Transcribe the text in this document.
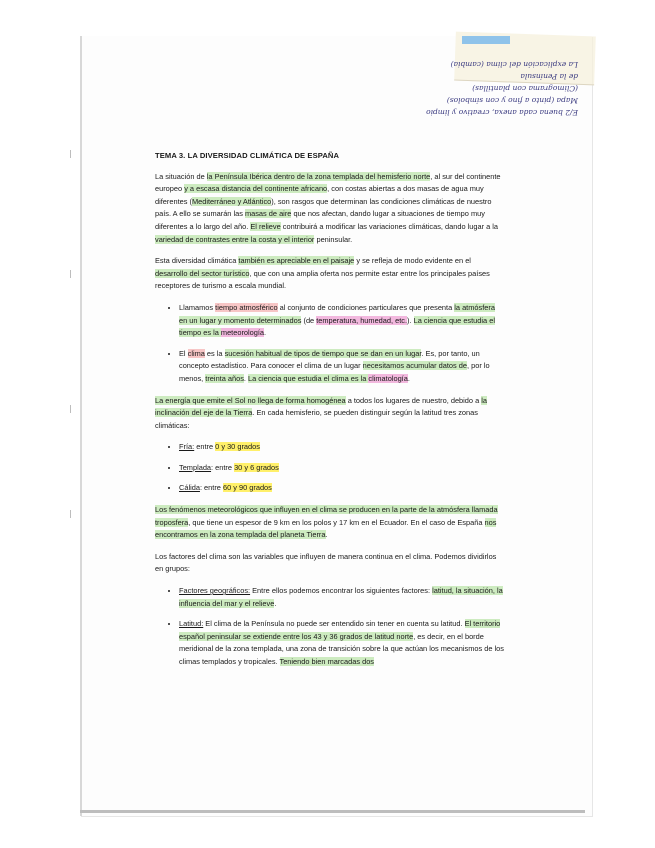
E/2 buena cada anexa, creativo y limpio
Mapa (pinto a fino y con símbolos)
(Climograma con plantillas)
de la Península
La explicación del clima (cambia)
TEMA 3. LA DIVERSIDAD CLIMÁTICA DE ESPAÑA

La situación de la Península Ibérica dentro de la zona templada del hemisferio norte, al sur del continente europeo y a escasa distancia del continente africano, con costas abiertas a dos masas de agua muy diferentes (Mediterráneo y Atlántico), son rasgos que determinan las condiciones climáticas de nuestro país. A ello se sumarán las masas de aire que nos afectan, dando lugar a situaciones de tiempo muy diferentes a lo largo del año. El relieve contribuirá a modificar las variaciones climáticas, dando lugar a la variedad de contrastes entre la costa y el interior peninsular.

Esta diversidad climática también es apreciable en el paisaje y se refleja de modo evidente en el desarrollo del sector turístico, que con una amplia oferta nos permite estar entre los principales países receptores de turismo a escala mundial.

• Llamamos tiempo atmosférico al conjunto de condiciones particulares que presenta la atmósfera en un lugar y momento determinados (de temperatura, humedad, etc.). La ciencia que estudia el tiempo es la meteorología.
• El clima es la sucesión habitual de tipos de tiempo que se dan en un lugar. Es, por tanto, un concepto estadístico. Para conocer el clima de un lugar necesitamos acumular datos de, por lo menos, treinta años. La ciencia que estudia el clima es la climatología.

La energía que emite el Sol no llega de forma homogénea a todos los lugares de nuestro, debido a la inclinación del eje de la Tierra. En cada hemisferio, se pueden distinguir según la latitud tres zonas climáticas:

• Fría: entre 0 y 30 grados
• Templada: entre 30 y 6 grados
• Cálida: entre 60 y 90 grados

Los fenómenos meteorológicos que influyen en el clima se producen en la parte de la atmósfera llamada troposfera, que tiene un espesor de 9 km en los polos y 17 km en el Ecuador. En el caso de España nos encontramos en la zona templada del planeta Tierra.

Los factores del clima son las variables que influyen de manera continua en el clima. Podemos dividirlos en grupos:

• Factores geográficos: Entre ellos podemos encontrar los siguientes factores: latitud, la situación, la influencia del mar y el relieve.
• Latitud: El clima de la Península no puede ser entendido sin tener en cuenta su latitud. El territorio español peninsular se extiende entre los 43 y 36 grados de latitud norte, es decir, en el borde meridional de la zona templada, una zona de transición sobre la que actúan los mecanismos de los climas templados y tropicales. Teniendo bien marcadas dos
